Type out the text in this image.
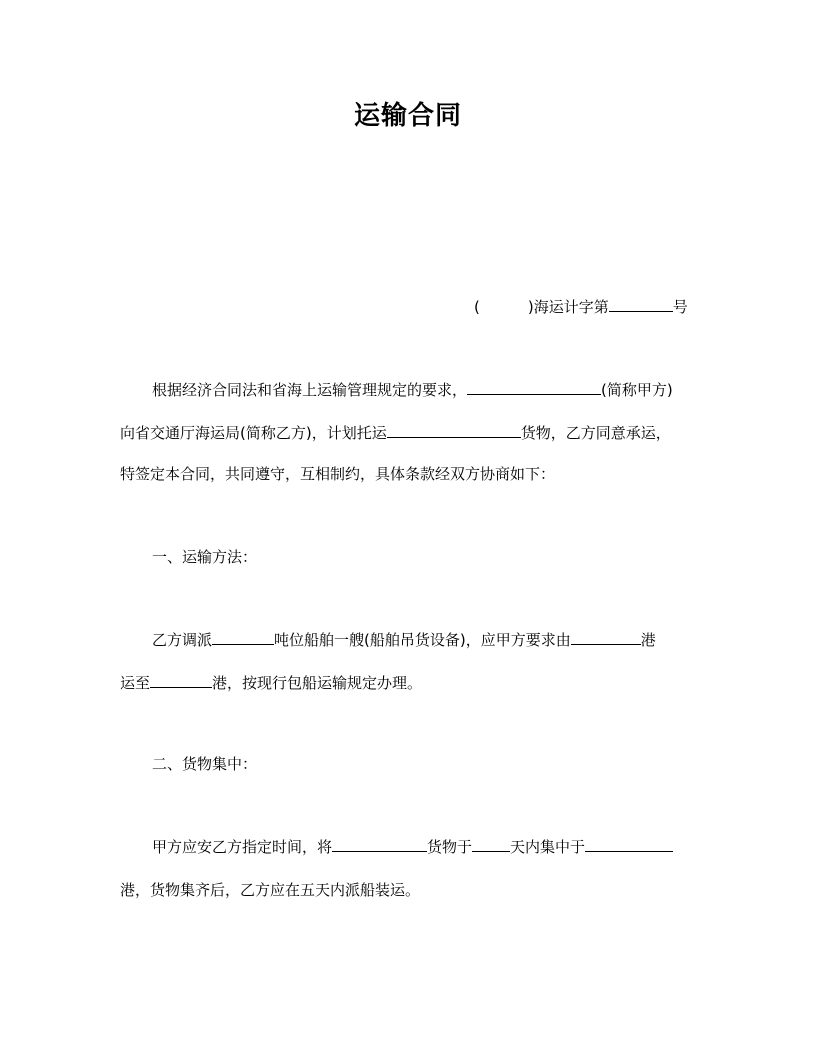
运输合同
(	)海运计字第	号
根据经济合同法和省海上运输管理规定的要求，	(简称甲方)
向省交通厅海运局(简称乙方)，计划托运	货物，乙方同意承运，
特签定本合同，共同遵守，互相制约，具体条款经双方协商如下：
一、运输方法：
乙方调派	吨位船舶一艘(船舶吊货设备)，应甲方要求由	港
运至	港，按现行包船运输规定办理。
二、货物集中：
甲方应安乙方指定时间，将	货物于	天内集中于
港，货物集齐后，乙方应在五天内派船装运。
